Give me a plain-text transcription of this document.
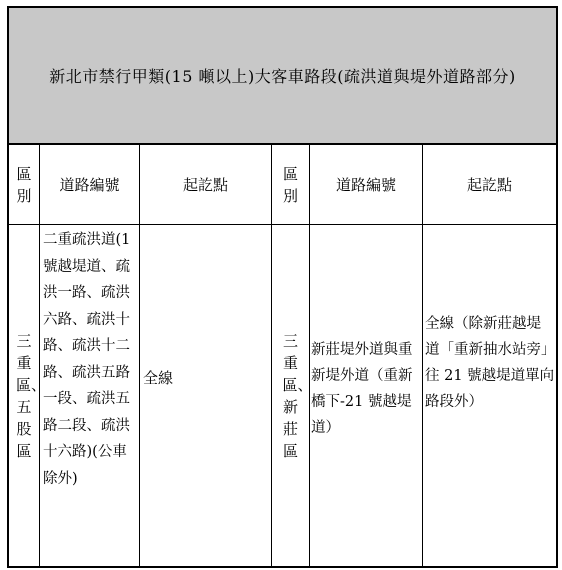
新北市禁行甲類(15 噸以上)大客車路段(疏洪道與堤外道路部分)
區別
道路編號	起訖點
區別
道路編號	起訖點
三重區、五股區
二重疏洪道(1 號越堤道、疏洪一路、疏洪六路、疏洪十路、疏洪十二路、疏洪五路一段、疏洪五路二段、疏洪十六路)(公車除外)
全線
三重區、新莊區
新莊堤外道與重新堤外道（重新橋下-21 號越堤道）
全線（除新莊越堤道「重新抽水站旁」往 21 號越堤道單向路段外）
